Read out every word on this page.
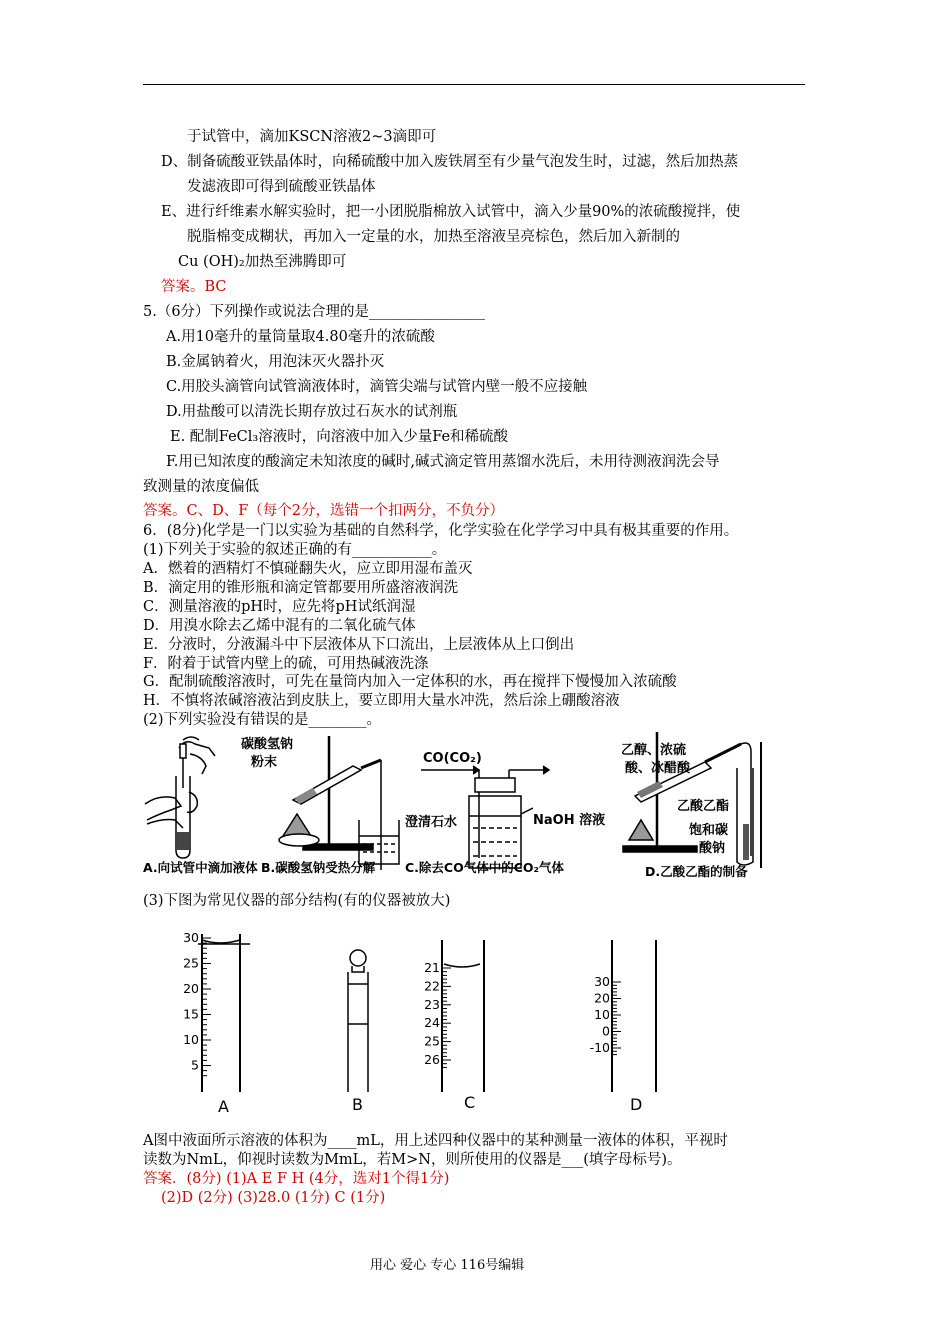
于试管中，滴加KSCN溶液2~3滴即可
D、制备硫酸亚铁晶体时，向稀硫酸中加入废铁屑至有少量气泡发生时，过滤，然后加热蒸
发滤液即可得到硫酸亚铁晶体
E、进行纤维素水解实验时，把一小团脱脂棉放入试管中，滴入少量90%的浓硫酸搅拌，使
脱脂棉变成糊状，再加入一定量的水，加热至溶液呈亮棕色，然后加入新制的
Cu (OH)₂加热至沸腾即可
答案。BC
5.（6分）下列操作或说法合理的是________________
A.用10毫升的量筒量取4.80毫升的浓硫酸
B.金属钠着火，用泡沫灭火器扑灭
C.用胶头滴管向试管滴液体时，滴管尖端与试管内壁一般不应接触
D.用盐酸可以清洗长期存放过石灰水的试剂瓶
E. 配制FeCl₃溶液时，向溶液中加入少量Fe和稀硫酸
F.用已知浓度的酸滴定未知浓度的碱时,碱式滴定管用蒸馏水洗后，未用待测液润洗会导
致测量的浓度偏低
答案。C、D、F（每个2分，选错一个扣两分，不负分）
6．(8分)化学是一门以实验为基础的自然科学，化学实验在化学学习中具有极其重要的作用。
(1)下列关于实验的叙述正确的有___________。
A．燃着的酒精灯不慎碰翻失火，应立即用湿布盖灭
B．滴定用的锥形瓶和滴定管都要用所盛溶液润洗
C．测量溶液的pH时，应先将pH试纸润湿
D．用溴水除去乙烯中混有的二氧化硫气体
E．分液时，分液漏斗中下层液体从下口流出，上层液体从上口倒出
F．附着于试管内壁上的硫，可用热碱液洗涤
G．配制硫酸溶液时，可先在量筒内加入一定体积的水，再在搅拌下慢慢加入浓硫酸
H．不慎将浓碱溶液沾到皮肤上，要立即用大量水冲洗，然后涂上硼酸溶液
(2)下列实验没有错误的是________。
(3)下图为常见仪器的部分结构(有的仪器被放大)
A图中液面所示溶液的体积为____mL，用上述四种仪器中的某种测量一液体的体积，平视时
读数为NmL，仰视时读数为MmL，若M>N，则所使用的仪器是___(填字母标号)。
答案．(8分) (1)A E F H (4分，选对1个得1分)
(2)D (2分) (3)28.0 (1分) C (1分)
碳酸氢钠
粉末
澄清石水
CO(CO₂)
NaOH 溶液
乙醇、浓硫
酸、冰醋酸
乙酸乙酯
饱和碳
酸钠
A.向试管中滴加液体 B.碳酸氢钠受热分解 C.除去CO气体中的CO₂气体	D.乙酸乙酯的制备
30
25
20
15
10
5
21
22
23
24
25
26
30
20
10
0
-10
A	B	C	D
用心 爱心 专心 116号编辑
